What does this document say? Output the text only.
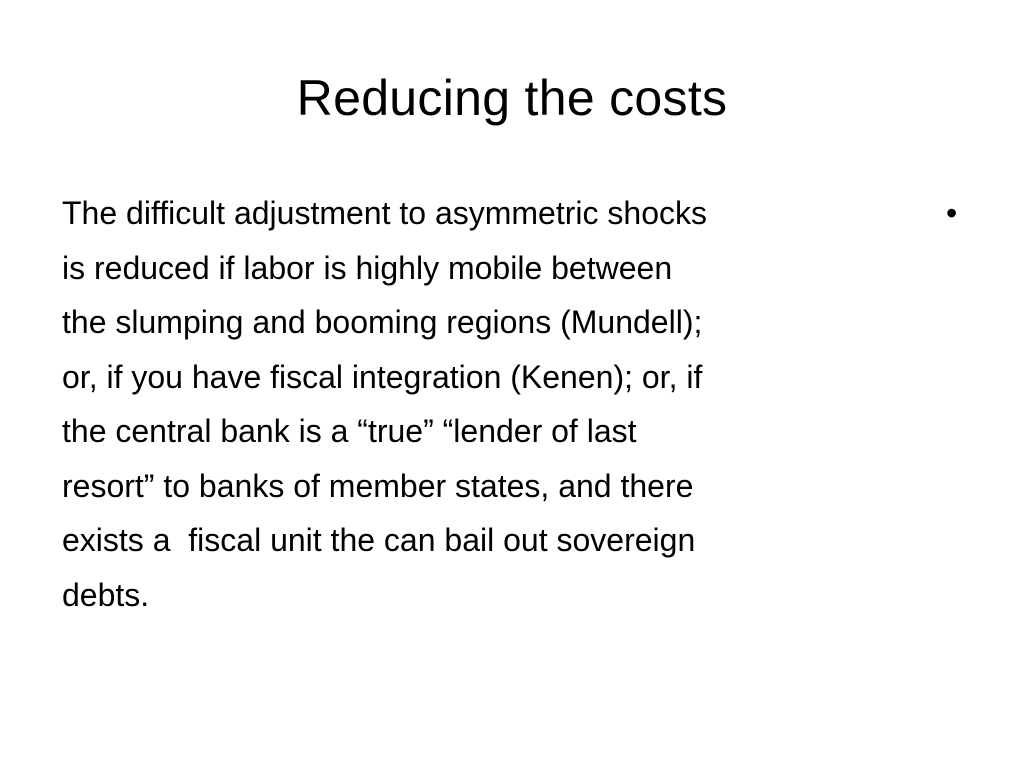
Reducing the costs

The difficult adjustment to asymmetric shocks
is reduced if labor is highly mobile between
the slumping and booming regions (Mundell);
or, if you have fiscal integration (Kenen); or, if
the central bank is a “true” “lender of last
resort” to banks of member states, and there
exists a  fiscal unit the can bail out sovereign
debts.

•
